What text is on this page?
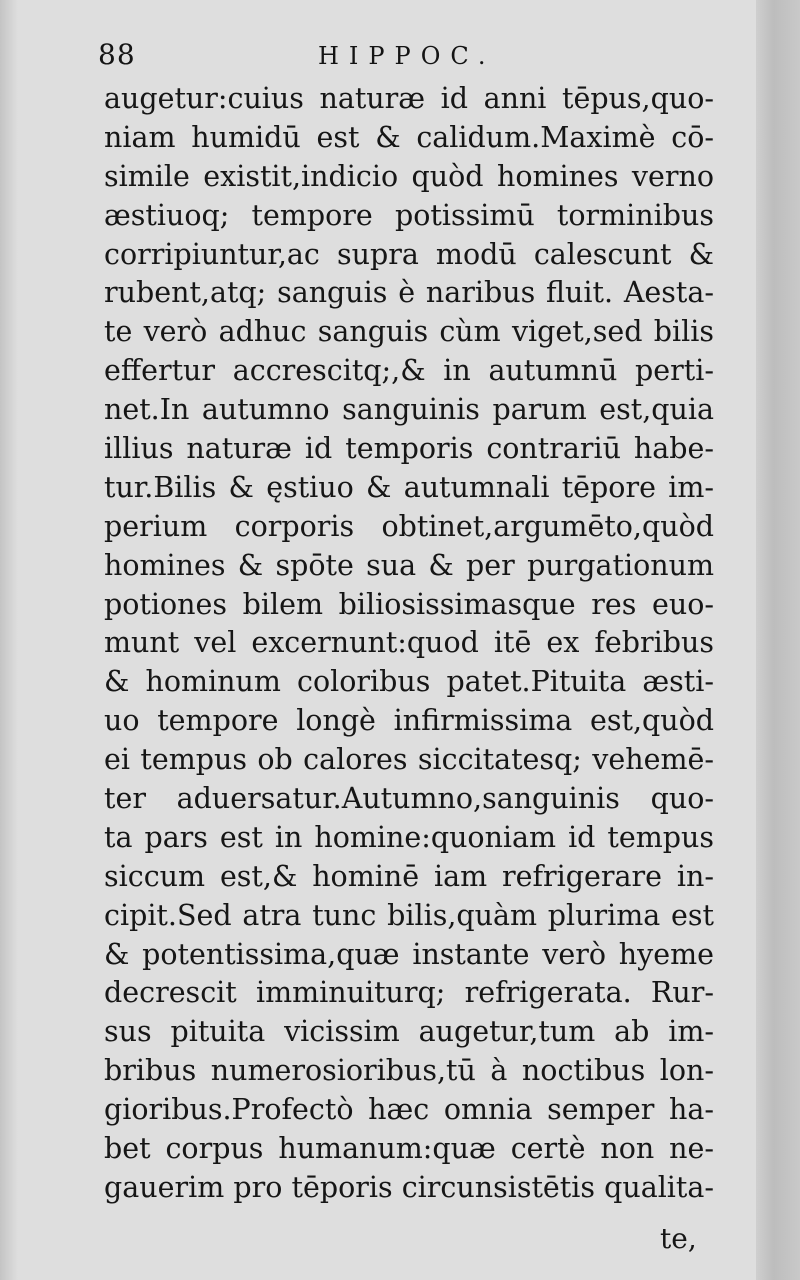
88	HIPPOC.
augetur:cuius naturæ id anni tēpus,quo-
niam humidū est & calidum.Maximè cō-
simile existit,indicio quòd homines verno
æstiuoq; tempore potissimū torminibus
corripiuntur,ac supra modū calescunt &
rubent,atq; sanguis è naribus fluit. Aesta-
te verò adhuc sanguis cùm viget,sed bilis
effertur accrescitq;,& in autumnū perti-
net.In autumno sanguinis parum est,quia
illius naturæ id temporis contrariū habe-
tur.Bilis & ęstiuo & autumnali tēpore im-
perium corporis obtinet,argumēto,quòd
homines & spōte sua & per purgationum
potiones bilem biliosissimasque res euo-
munt vel excernunt:quod itē ex febribus
& hominum coloribus patet.Pituita æsti-
uo tempore longè infirmissima est,quòd
ei tempus ob calores siccitatesq; vehemē-
ter aduersatur.Autumno,sanguinis quo-
ta pars est in homine:quoniam id tempus
siccum est,& hominē iam refrigerare in-
cipit.Sed atra tunc bilis,quàm plurima est
& potentissima,quæ instante verò hyeme
decrescit imminuiturq; refrigerata. Rur-
sus pituita vicissim augetur,tum ab im-
bribus numerosioribus,tū à noctibus lon-
gioribus.Profectò hæc omnia semper ha-
bet corpus humanum:quæ certè non ne-
gauerim pro tēporis circunsistētis qualita-
te,
